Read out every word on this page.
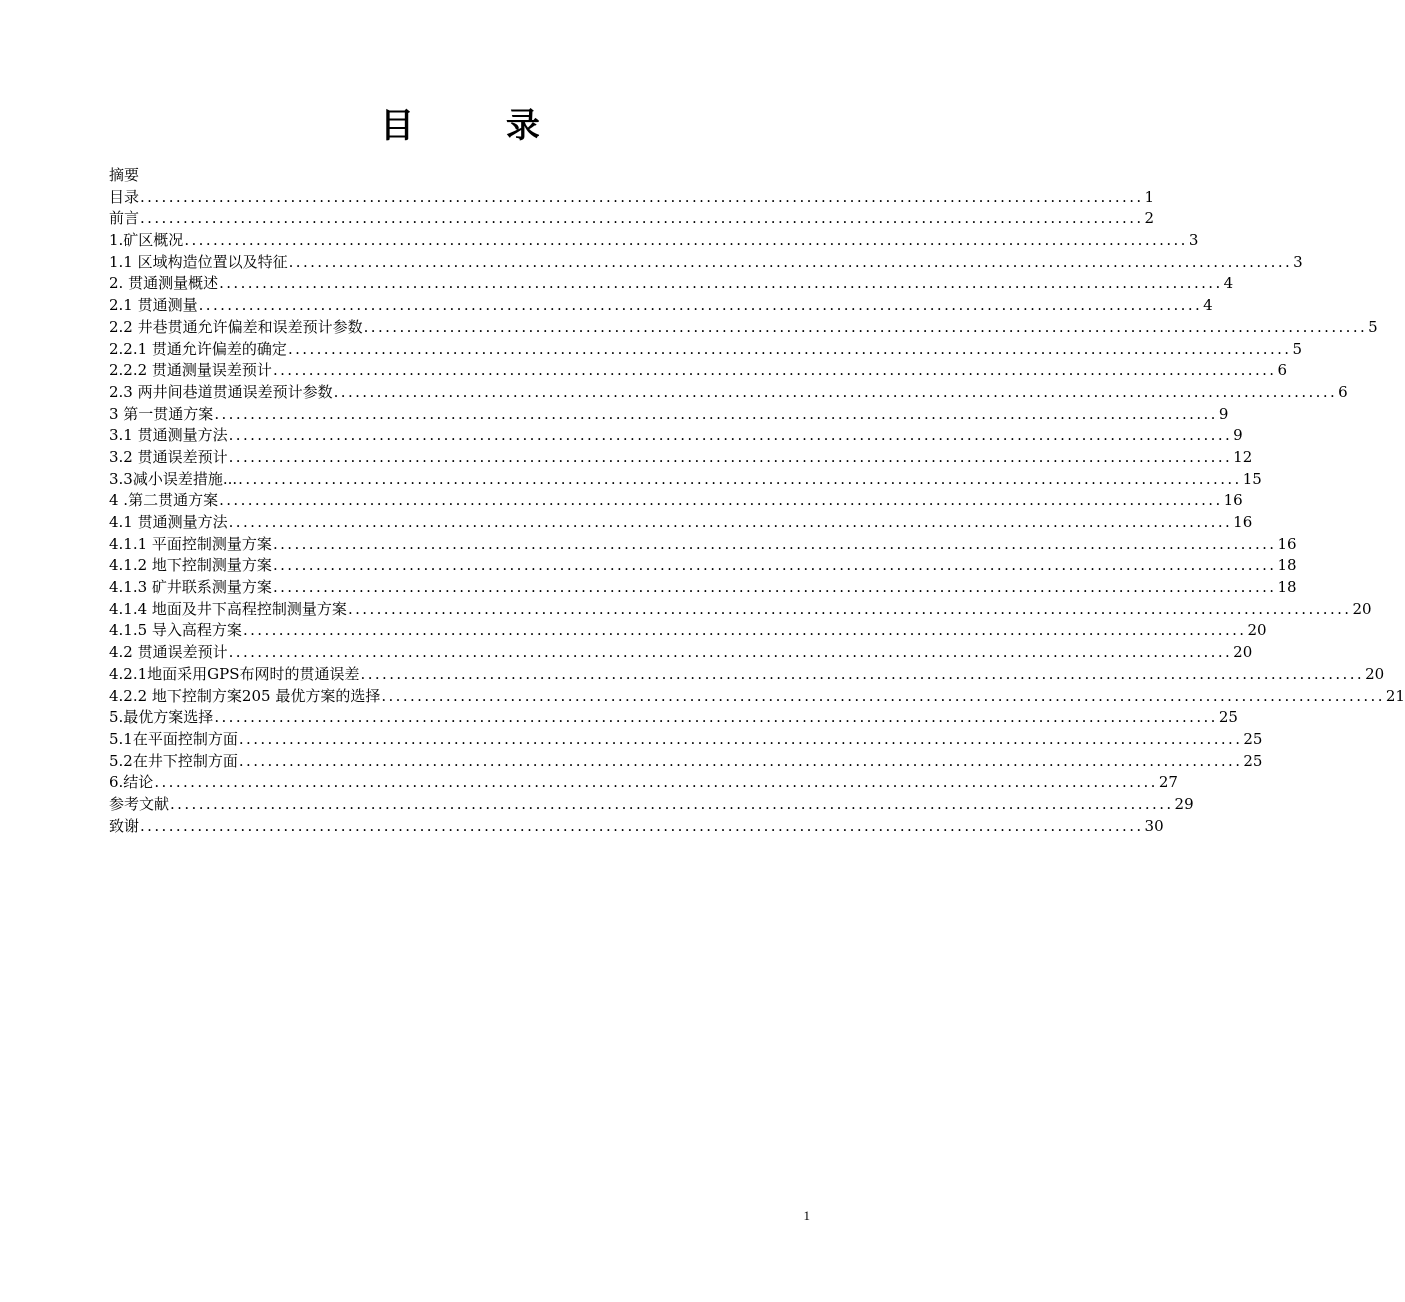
目 录
摘要
目录 ............................................................................................................................................ 1
前言 ............................................................................................................................................ 2
1.矿区概况 ............................................................................................................................................ 3
1.1 区域构造位置以及特征 ............................................................................................................................................ 3
2. 贯通测量概述 ............................................................................................................................................ 4
2.1 贯通测量 ............................................................................................................................................ 4
2.2 井巷贯通允许偏差和误差预计参数 ............................................................................................................................................ 5
2.2.1 贯通允许偏差的确定 ............................................................................................................................................ 5
2.2.2 贯通测量误差预计 ............................................................................................................................................ 6
2.3 两井间巷道贯通误差预计参数 ............................................................................................................................................ 6
3 第一贯通方案 ............................................................................................................................................ 9
3.1 贯通测量方法 ............................................................................................................................................ 9
3.2 贯通误差预计 ............................................................................................................................................ 12
3.3减小误差措施... ............................................................................................................................................ 15
4 .第二贯通方案 ............................................................................................................................................ 16
4.1 贯通测量方法 ............................................................................................................................................ 16
4.1.1 平面控制测量方案 ............................................................................................................................................ 16
4.1.2 地下控制测量方案 ............................................................................................................................................ 18
4.1.3 矿井联系测量方案 ............................................................................................................................................ 18
4.1.4 地面及井下高程控制测量方案 ............................................................................................................................................ 20
4.1.5 导入高程方案 ............................................................................................................................................ 20
4.2 贯通误差预计 ............................................................................................................................................ 20
4.2.1地面采用GPS布网时的贯通误差 ............................................................................................................................................ 20
4.2.2 地下控制方案205 最优方案的选择 ............................................................................................................................................ 21
5.最优方案选择 ............................................................................................................................................ 25
5.1在平面控制方面 ............................................................................................................................................ 25
5.2在井下控制方面 ............................................................................................................................................ 25
6.结论 ............................................................................................................................................ 27
参考文献 ............................................................................................................................................ 29
致谢 ............................................................................................................................................ 30
1
